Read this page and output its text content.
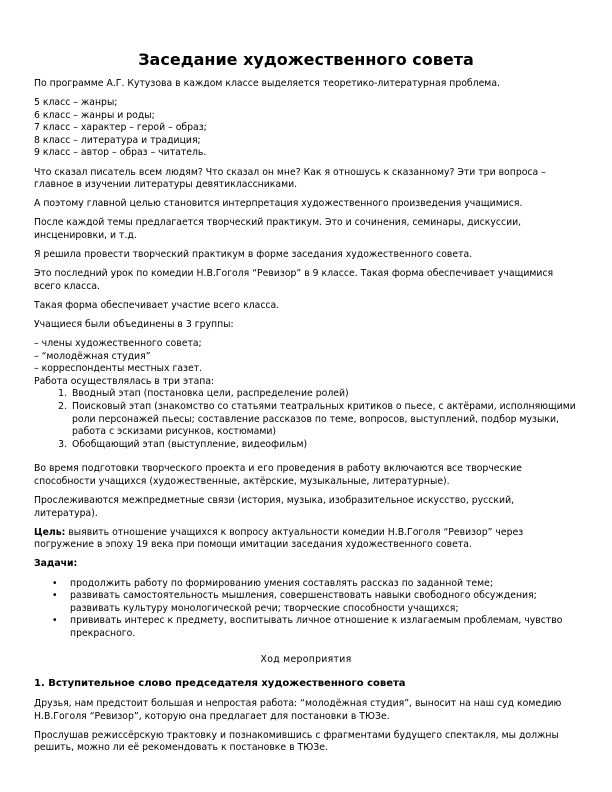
Заседание художественного совета

По программе А.Г. Кутузова в каждом классе выделяется теоретико-литературная проблема.

5 класс – жанры;
6 класс – жанры и роды;
7 класс – характер – герой – образ;
8 класс – литература и традиция;
9 класс – автор – образ – читатель.

Что сказал писатель всем людям? Что сказал он мне? Как я отношусь к сказанному? Эти три вопроса – главное в изучении литературы девятиклассниками.

А поэтому главной целью становится интерпретация художественного произведения учащимися.

После каждой темы предлагается творческий практикум. Это и сочинения, семинары, дискуссии, инсценировки, и т.д.

Я решила провести творческий практикум в форме заседания художественного совета.

Это последний урок по комедии Н.В.Гоголя “Ревизор” в 9 классе. Такая форма обеспечивает учащимися всего класса.

Такая форма обеспечивает участие всего класса.

Учащиеся были объединены в 3 группы:

– члены художественного совета;
– “молодёжная студия”
– корреспонденты местных газет.
Работа осуществлялась в три этапа:
1. Вводный этап (постановка цели, распределение ролей)
2. Поисковый этап (знакомство со статьями театральных критиков о пьесе, с актёрами, исполняющими роли персонажей пьесы; составление рассказов по теме, вопросов, выступлений, подбор музыки, работа с эскизами рисунков, костюмами)
3. Обобщающий этап (выступление, видеофильм)

Во время подготовки творческого проекта и его проведения в работу включаются все творческие способности учащихся (художественные, актёрские, музыкальные, литературные).

Прослеживаются межпредметные связи (история, музыка, изобразительное искусство, русский, литература).

Цель: выявить отношение учащихся к вопросу актуальности комедии Н.В.Гоголя “Ревизор” через погружение в эпоху 19 века при помощи имитации заседания художественного совета.

Задачи:

• продолжить работу по формированию умения составлять рассказ по заданной теме;
• развивать самостоятельность мышления, совершенствовать навыки свободного обсуждения; развивать культуру монологической речи; творческие способности учащихся;
• прививать интерес к предмету, воспитывать личное отношение к излагаемым проблемам, чувство прекрасного.
Ход мероприятия
1. Вступительное слово председателя художественного совета

Друзья, нам предстоит большая и непростая работа: “молодёжная студия”, выносит на наш суд комедию Н.В.Гоголя “Ревизор”, которую она предлагает для постановки в ТЮЗе.

Прослушав режиссёрскую трактовку и познакомившись с фрагментами будущего спектакля, мы должны решить, можно ли её рекомендовать к постановке в ТЮЗе.
